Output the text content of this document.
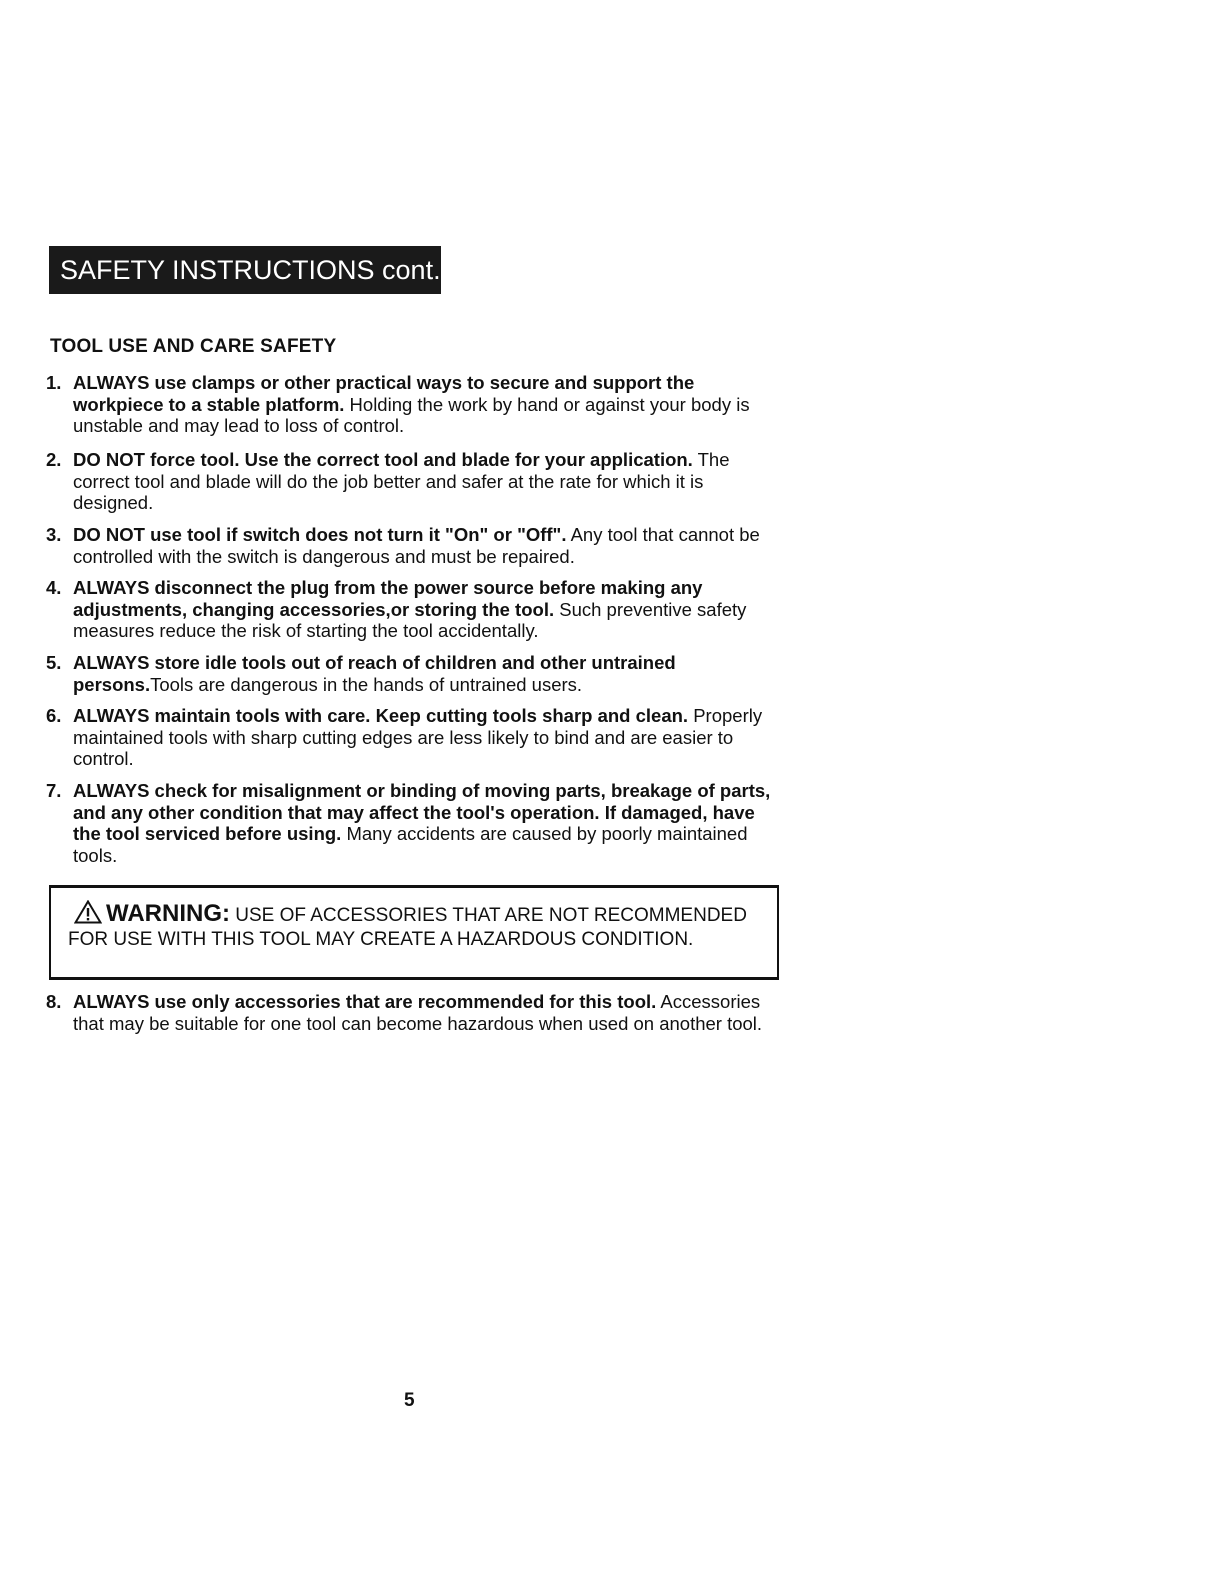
SAFETY INSTRUCTIONS cont.
TOOL USE AND CARE SAFETY
1. ALWAYS use clamps or other practical ways to secure and support the workpiece to a stable platform. Holding the work by hand or against your body is unstable and may lead to loss of control.
2. DO NOT force tool. Use the correct tool and blade for your application. The correct tool and blade will do the job better and safer at the rate for which it is designed.
3. DO NOT use tool if switch does not turn it "On" or "Off". Any tool that cannot be controlled with the switch is dangerous and must be repaired.
4. ALWAYS disconnect the plug from the power source before making any adjustments, changing accessories,or storing the tool. Such preventive safety measures reduce the risk of starting the tool accidentally.
5. ALWAYS store idle tools out of reach of children and other untrained persons.Tools are dangerous in the hands of untrained users.
6. ALWAYS maintain tools with care. Keep cutting tools sharp and clean. Properly maintained tools with sharp cutting edges are less likely to bind and are easier to control.
7. ALWAYS check for misalignment or binding of moving parts, breakage of parts, and any other condition that may affect the tool's operation. If damaged, have the tool serviced before using. Many accidents are caused by poorly maintained tools.
WARNING: USE OF ACCESSORIES THAT ARE NOT RECOMMENDED FOR USE WITH THIS TOOL MAY CREATE A HAZARDOUS CONDITION.
8. ALWAYS use only accessories that are recommended for this tool. Accessories that may be suitable for one tool can become hazardous when used on another tool.
5
